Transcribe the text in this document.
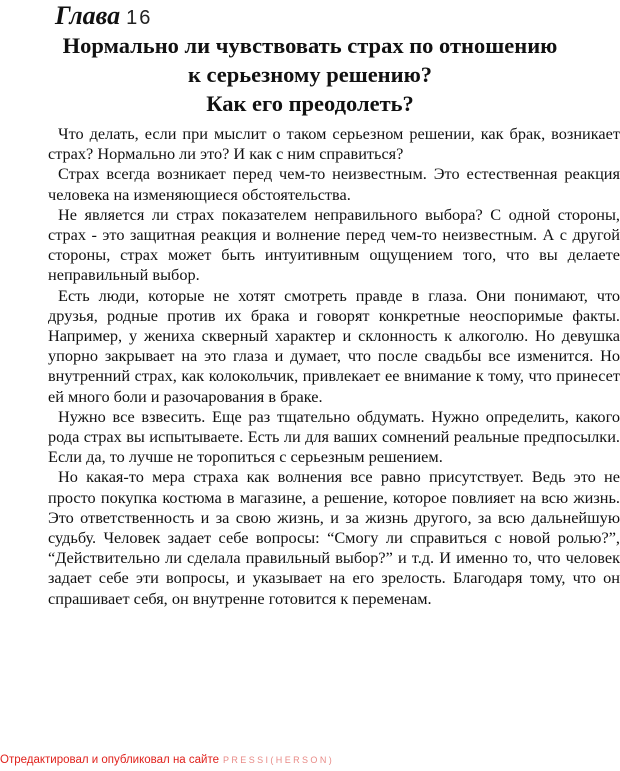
Глава 16
Нормально ли чувствовать страх по отношению
к серьезному решению?
Как его преодолеть?

Что делать, если при мыслит о таком серьезном решении, как брак, возникает страх? Нормально ли это? И как с ним справиться?

Страх всегда возникает перед чем-то неизвестным. Это естественная реакция человека на изменяющиеся обстоятельства.

Не является ли страх показателем неправильного выбора? С одной стороны, страх - это защитная реакция и волнение перед чем-то неизвестным. А с другой стороны, страх может быть интуитивным ощущением того, что вы делаете неправильный выбор.

Есть люди, которые не хотят смотреть правде в глаза. Они понимают, что друзья, родные против их брака и говорят конкретные неоспоримые факты. Например, у жениха скверный характер и склонность к алкоголю. Но девушка упорно закрывает на это глаза и думает, что после свадьбы все изменится. Но внутренний страх, как колокольчик, привлекает ее внимание к тому, что принесет ей много боли и разочарования в браке.

Нужно все взвесить. Еще раз тщательно обдумать. Нужно определить, какого рода страх вы испытываете. Есть ли для ваших сомнений реальные предпосылки. Если да, то лучше не торопиться с серьезным решением.

Но какая-то мера страха как волнения все равно присутствует. Ведь это не просто покупка костюма в магазине, а решение, которое повлияет на всю жизнь. Это ответственность и за свою жизнь, и за жизнь другого, за всю дальнейшую судьбу. Человек задает себе вопросы: “Смогу ли справиться с новой ролью?”, “Действительно ли сделала правильный выбор?” и т.д. И именно то, что человек задает себе эти вопросы, и указывает на его зрелость. Благодаря тому, что он спрашивает себя, он внутренне готовится к переменам.

Отредактировал и опубликовал на сайте PRESSI(HERSON)
